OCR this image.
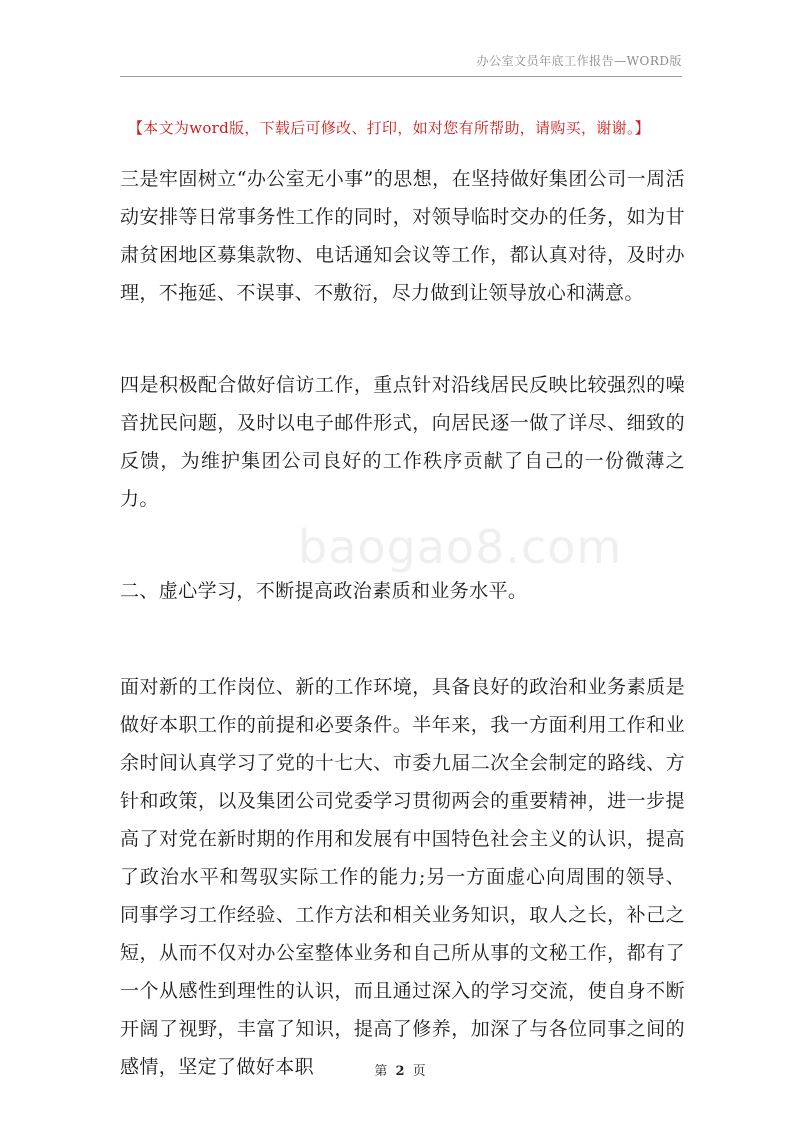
办公室文员年底工作报告—WORD版
【本文为word版，下载后可修改、打印，如对您有所帮助，请购买，谢谢。】
baogao8.com

三是牢固树立“办公室无小事”的思想，在坚持做好集团公司一周活动安排等日常事务性工作的同时，对领导临时交办的任务，如为甘肃贫困地区募集款物、电话通知会议等工作，都认真对待，及时办理，不拖延、不误事、不敷衍，尽力做到让领导放心和满意。

四是积极配合做好信访工作，重点针对沿线居民反映比较强烈的噪音扰民问题，及时以电子邮件形式，向居民逐一做了详尽、细致的反馈，为维护集团公司良好的工作秩序贡献了自己的一份微薄之力。

二、虚心学习，不断提高政治素质和业务水平。

面对新的工作岗位、新的工作环境，具备良好的政治和业务素质是做好本职工作的前提和必要条件。半年来，我一方面利用工作和业余时间认真学习了党的十七大、市委九届二次全会制定的路线、方针和政策，以及集团公司党委学习贯彻两会的重要精神，进一步提高了对党在新时期的作用和发展有中国特色社会主义的认识，提高了政治水平和驾驭实际工作的能力;另一方面虚心向周围的领导、同事学习工作经验、工作方法和相关业务知识，取人之长，补己之短，从而不仅对办公室整体业务和自己所从事的文秘工作，都有了一个从感性到理性的认识，而且通过深入的学习交流，使自身不断开阔了视野，丰富了知识，提高了修养，加深了与各位同事之间的感情，坚定了做好本职	第 2 页
